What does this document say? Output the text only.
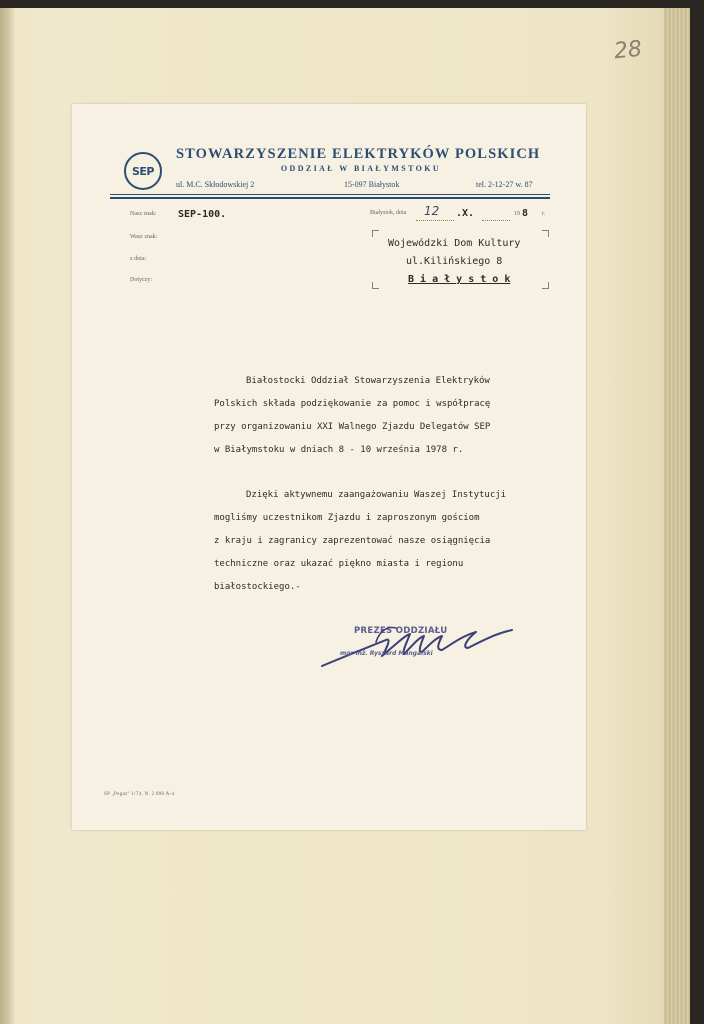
28
SEP
STOWARZYSZENIE ELEKTRYKÓW POLSKICH
ODDZIAŁ W BIAŁYMSTOKU
ul. M.C. Skłodowskiej 2	15-097 Białystok	tel. 2-12-27 w. 87
Nasz znak: SEP-100.
Wasz znak:
z dnia:
Dotyczy:
Białystok, dnia 12 .X.	19 8 r.
Wojewódzki Dom Kultury
ul.Kilińskiego 8
B i a ł y s t o k
Białostocki Oddział Stowarzyszenia Elektryków
Polskich składa podziękowanie za pomoc i współpracę
przy organizowaniu XXI Walnego Zjazdu Delegatów SEP
w Białymstoku w dniach 8 - 10 września 1978 r.
Dzięki aktywnemu zaangażowaniu Waszej Instytucji
mogliśmy uczestnikom Zjazdu i zaproszonym gościom
z kraju i zagranicy zaprezentować nasze osiągnięcia
techniczne oraz ukazać piękno miasta i regionu
białostockiego.-
PREZES ODDZIAŁU
mgr inż. Ryszard Mangalski
SP „Pegaz" 1/74, N. 2 000 A-4
